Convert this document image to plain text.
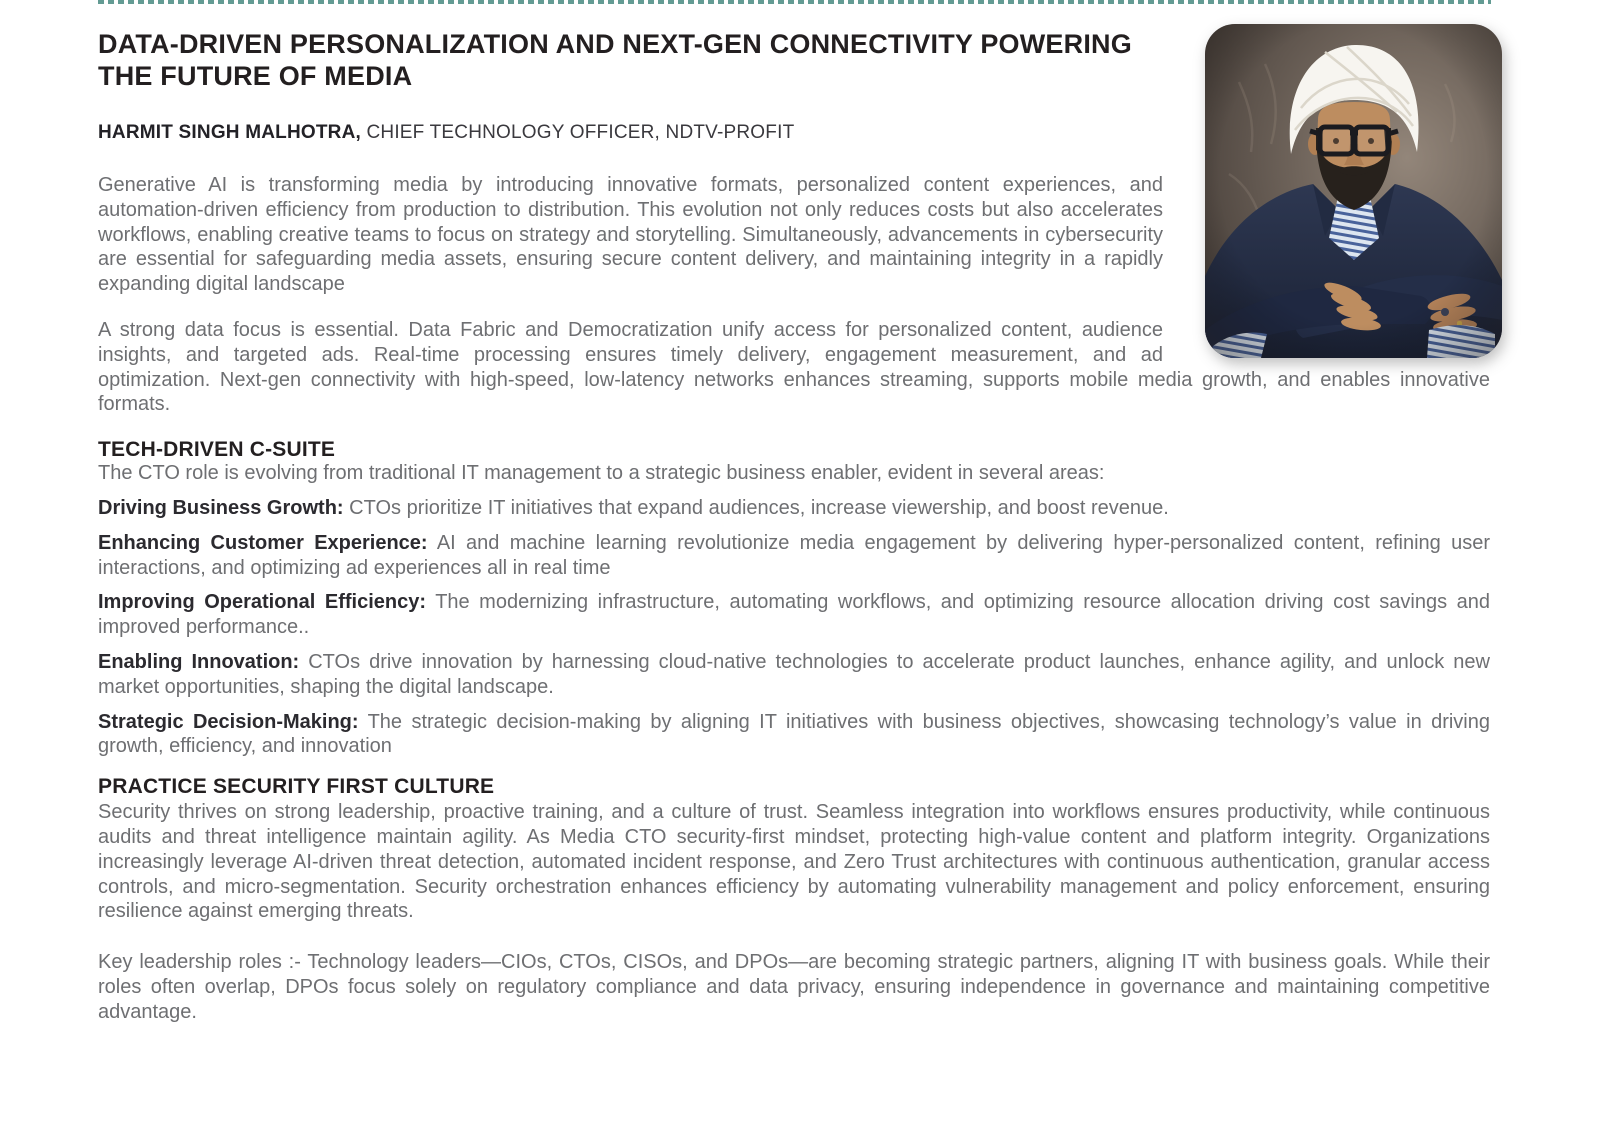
DATA-DRIVEN PERSONALIZATION AND NEXT-GEN CONNECTIVITY POWERING THE FUTURE OF MEDIA
HARMIT SINGH MALHOTRA, CHIEF TECHNOLOGY OFFICER, NDTV-PROFIT

Generative AI is transforming media by introducing innovative formats, personalized content experiences, and automation-driven efficiency from production to distribution. This evolution not only reduces costs but also accelerates workflows, enabling creative teams to focus on strategy and storytelling. Simultaneously, advancements in cybersecurity are essential for safeguarding media assets, ensuring secure content delivery, and maintaining integrity in a rapidly expanding digital landscape

A strong data focus is essential. Data Fabric and Democratization unify access for personalized content, audience insights, and targeted ads. Real-time processing ensures timely delivery, engagement measurement, and ad optimization. Next-gen connectivity with high-speed, low-latency networks enhances streaming, supports mobile media growth, and enables innovative formats.

TECH-DRIVEN C-SUITE

The CTO role is evolving from traditional IT management to a strategic business enabler, evident in several areas:

Driving Business Growth: CTOs prioritize IT initiatives that expand audiences, increase viewership, and boost revenue.

Enhancing Customer Experience: AI and machine learning revolutionize media engagement by delivering hyper-personalized content, refining user interactions, and optimizing ad experiences all in real time

Improving Operational Efficiency: The modernizing infrastructure, automating workflows, and optimizing resource allocation driving cost savings and improved performance..

Enabling Innovation: CTOs drive innovation by harnessing cloud-native technologies to accelerate product launches, enhance agility, and unlock new market opportunities, shaping the digital landscape.

Strategic Decision-Making: The strategic decision-making by aligning IT initiatives with business objectives, showcasing technology’s value in driving growth, efficiency, and innovation

PRACTICE SECURITY FIRST CULTURE

Security thrives on strong leadership, proactive training, and a culture of trust. Seamless integration into workflows ensures productivity, while continuous audits and threat intelligence maintain agility. As Media CTO security-first mindset, protecting high-value content and platform integrity. Organizations increasingly leverage AI-driven threat detection, automated incident response, and Zero Trust architectures with continuous authentication, granular access controls, and micro-segmentation. Security orchestration enhances efficiency by automating vulnerability management and policy enforcement, ensuring resilience against emerging threats.

Key leadership roles :- Technology leaders—CIOs, CTOs, CISOs, and DPOs—are becoming strategic partners, aligning IT with business goals. While their roles often overlap, DPOs focus solely on regulatory compliance and data privacy, ensuring independence in governance and maintaining competitive advantage.
